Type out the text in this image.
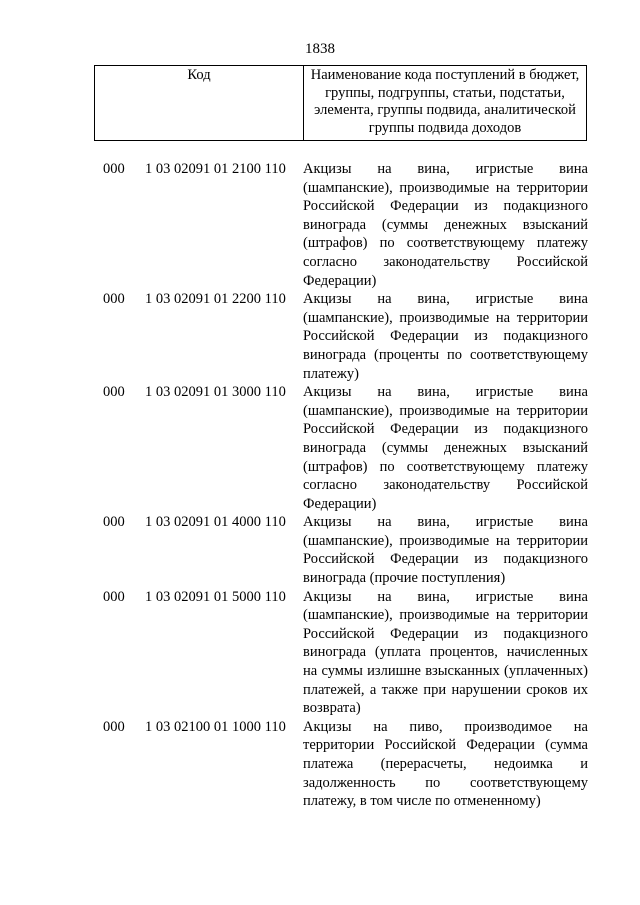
1838
Код	Наименование кода поступлений в бюджет, группы, подгруппы, статьи, подстатьи, элемента, группы подвида, аналитической группы подвида доходов
000 1 03 02091 01 2100 110 Акцизы на вина, игристые вина (шампанские), производимые на территории Российской Федерации из подакцизного винограда (суммы денежных взысканий (штрафов) по соответствующему платежу согласно законодательству Российской Федерации)
000 1 03 02091 01 2200 110 Акцизы на вина, игристые вина (шампанские), производимые на территории Российской Федерации из подакцизного винограда (проценты по соответствующему платежу)
000 1 03 02091 01 3000 110 Акцизы на вина, игристые вина (шампанские), производимые на территории Российской Федерации из подакцизного винограда (суммы денежных взысканий (штрафов) по соответствующему платежу согласно законодательству Российской Федерации)
000 1 03 02091 01 4000 110 Акцизы на вина, игристые вина (шампанские), производимые на территории Российской Федерации из подакцизного винограда (прочие поступления)
000 1 03 02091 01 5000 110 Акцизы на вина, игристые вина (шампанские), производимые на территории Российской Федерации из подакцизного винограда (уплата процентов, начисленных на суммы излишне взысканных (уплаченных) платежей, а также при нарушении сроков их возврата)
000 1 03 02100 01 1000 110 Акцизы на пиво, производимое на территории Российской Федерации (сумма платежа (перерасчеты, недоимка и задолженность по соответствующему платежу, в том числе по отмененному)
